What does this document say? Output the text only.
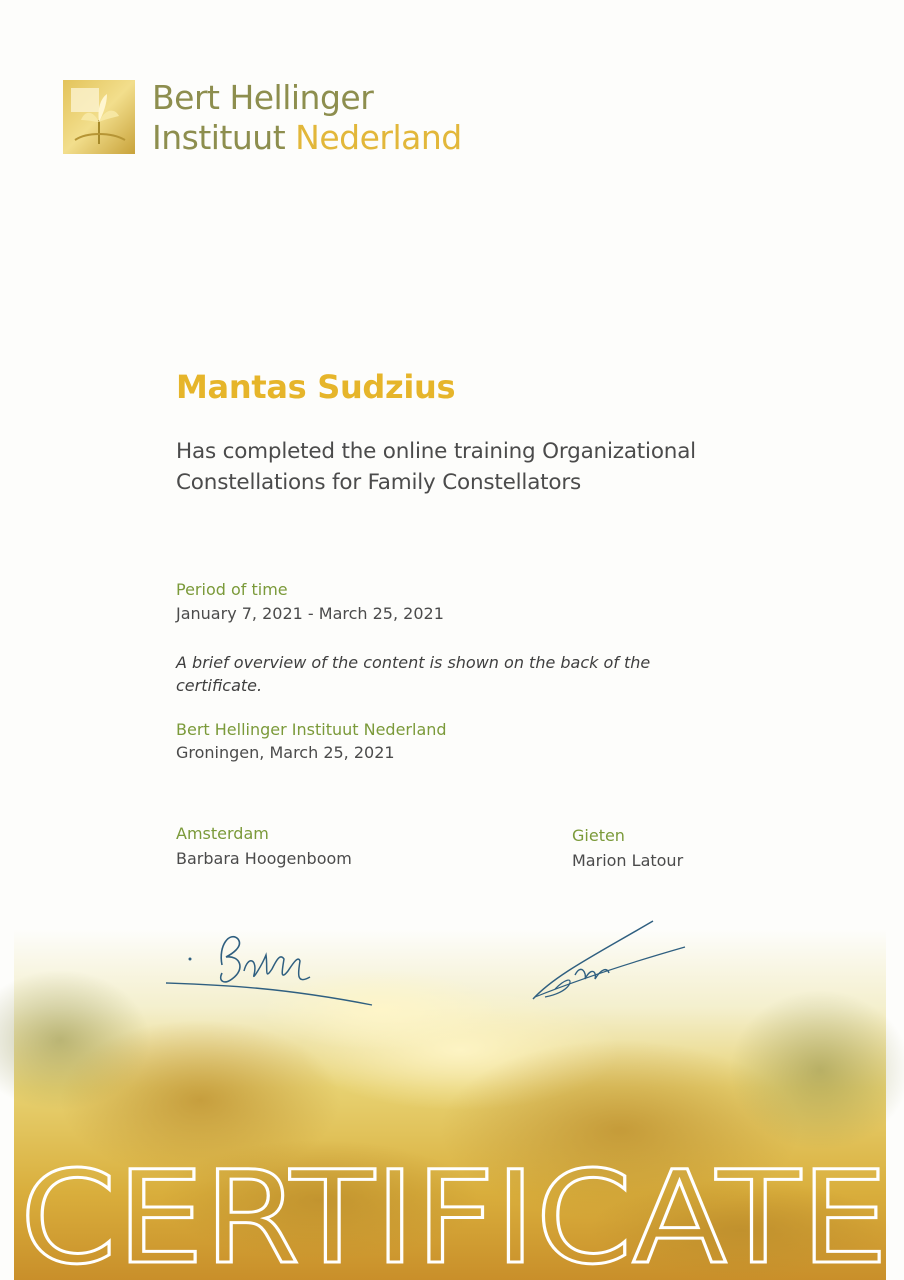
Bert Hellinger
Instituut Nederland
Mantas Sudzius
Has completed the online training Organizational Constellations for Family Constellators
Period of time
January 7, 2021 - March 25, 2021
A brief overview of the content is shown on the back of the certificate.
Bert Hellinger Instituut Nederland
Groningen, March 25, 2021
Amsterdam
Barbara Hoogenboom
Gieten
Marion Latour
CERTIFICATE
